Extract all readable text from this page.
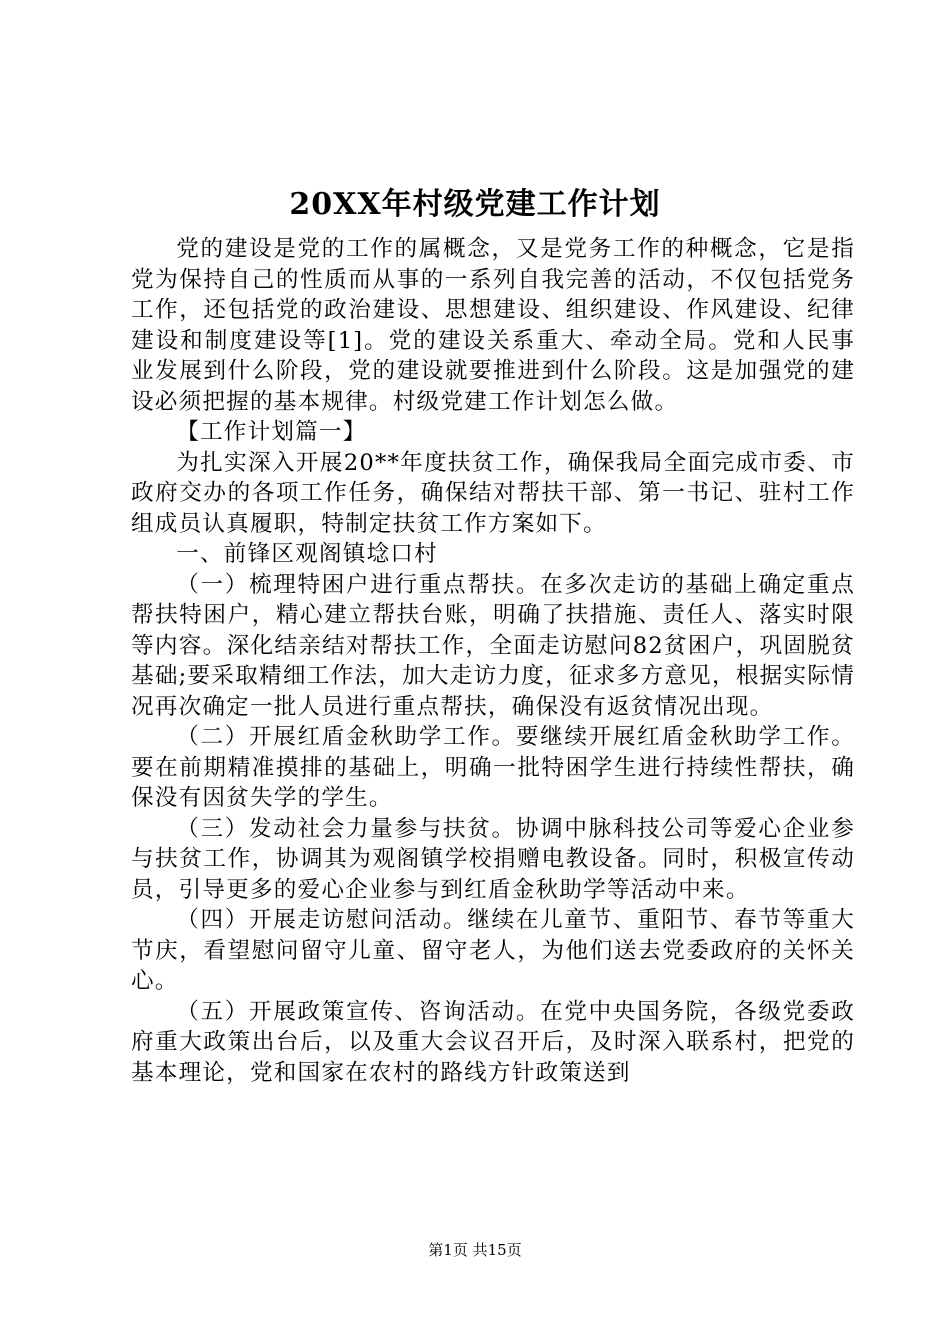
20XX年村级党建工作计划

党的建设是党的工作的属概念，又是党务工作的种概念，它是指党为保持自己的性质而从事的一系列自我完善的活动，不仅包括党务工作，还包括党的政治建设、思想建设、组织建设、作风建设、纪律建设和制度建设等[1]。党的建设关系重大、牵动全局。党和人民事业发展到什么阶段，党的建设就要推进到什么阶段。这是加强党的建设必须把握的基本规律。村级党建工作计划怎么做。

【工作计划篇一】

为扎实深入开展20**年度扶贫工作，确保我局全面完成市委、市政府交办的各项工作任务，确保结对帮扶干部、第一书记、驻村工作组成员认真履职，特制定扶贫工作方案如下。

一、前锋区观阁镇埝口村

（一）梳理特困户进行重点帮扶。在多次走访的基础上确定重点帮扶特困户，精心建立帮扶台账，明确了扶措施、责任人、落实时限等内容。深化结亲结对帮扶工作，全面走访慰问82贫困户，巩固脱贫基础;要采取精细工作法，加大走访力度，征求多方意见，根据实际情况再次确定一批人员进行重点帮扶，确保没有返贫情况出现。

（二）开展红盾金秋助学工作。要继续开展红盾金秋助学工作。要在前期精准摸排的基础上，明确一批特困学生进行持续性帮扶，确保没有因贫失学的学生。

（三）发动社会力量参与扶贫。协调中脉科技公司等爱心企业参与扶贫工作，协调其为观阁镇学校捐赠电教设备。同时，积极宣传动员，引导更多的爱心企业参与到红盾金秋助学等活动中来。

（四）开展走访慰问活动。继续在儿童节、重阳节、春节等重大节庆，看望慰问留守儿童、留守老人，为他们送去党委政府的关怀关心。

（五）开展政策宣传、咨询活动。在党中央国务院，各级党委政府重大政策出台后，以及重大会议召开后，及时深入联系村，把党的基本理论，党和国家在农村的路线方针政策送到

第1页 共15页
